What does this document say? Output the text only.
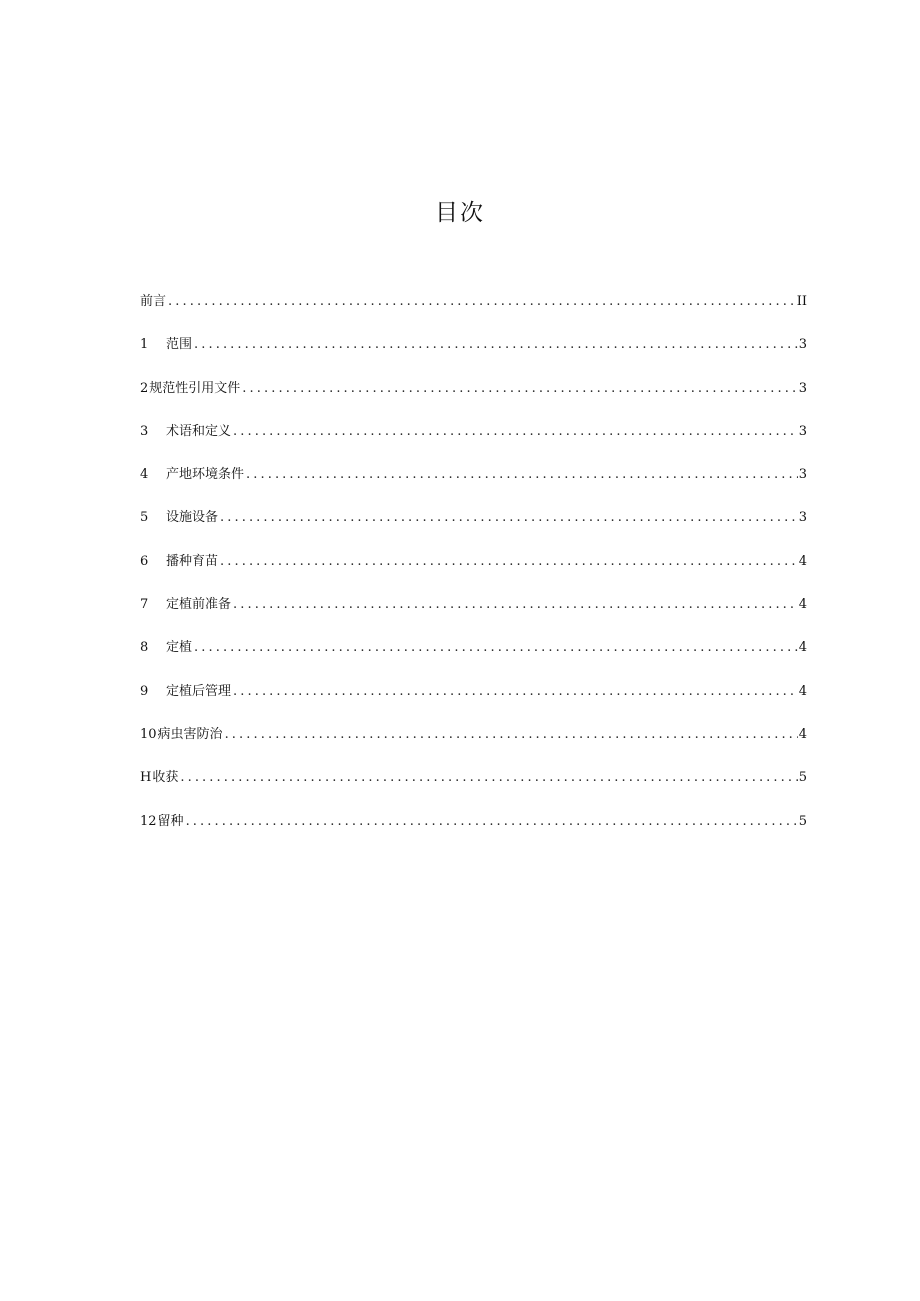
目次
前言 .....	II
1	范围 .....	3
2 规范性引用文件 .....	3
3	术语和定义 .....	3
4	产地环境条件 .....	3
5	设施设备 .....	3
6	播种育苗 .....	4
7	定植前准备 .....	4
8	定植 .....	4
9	定植后管理 .....	4
10 病虫害防治 .....	4
H 收获 .....	5
12 留种 .....	5
